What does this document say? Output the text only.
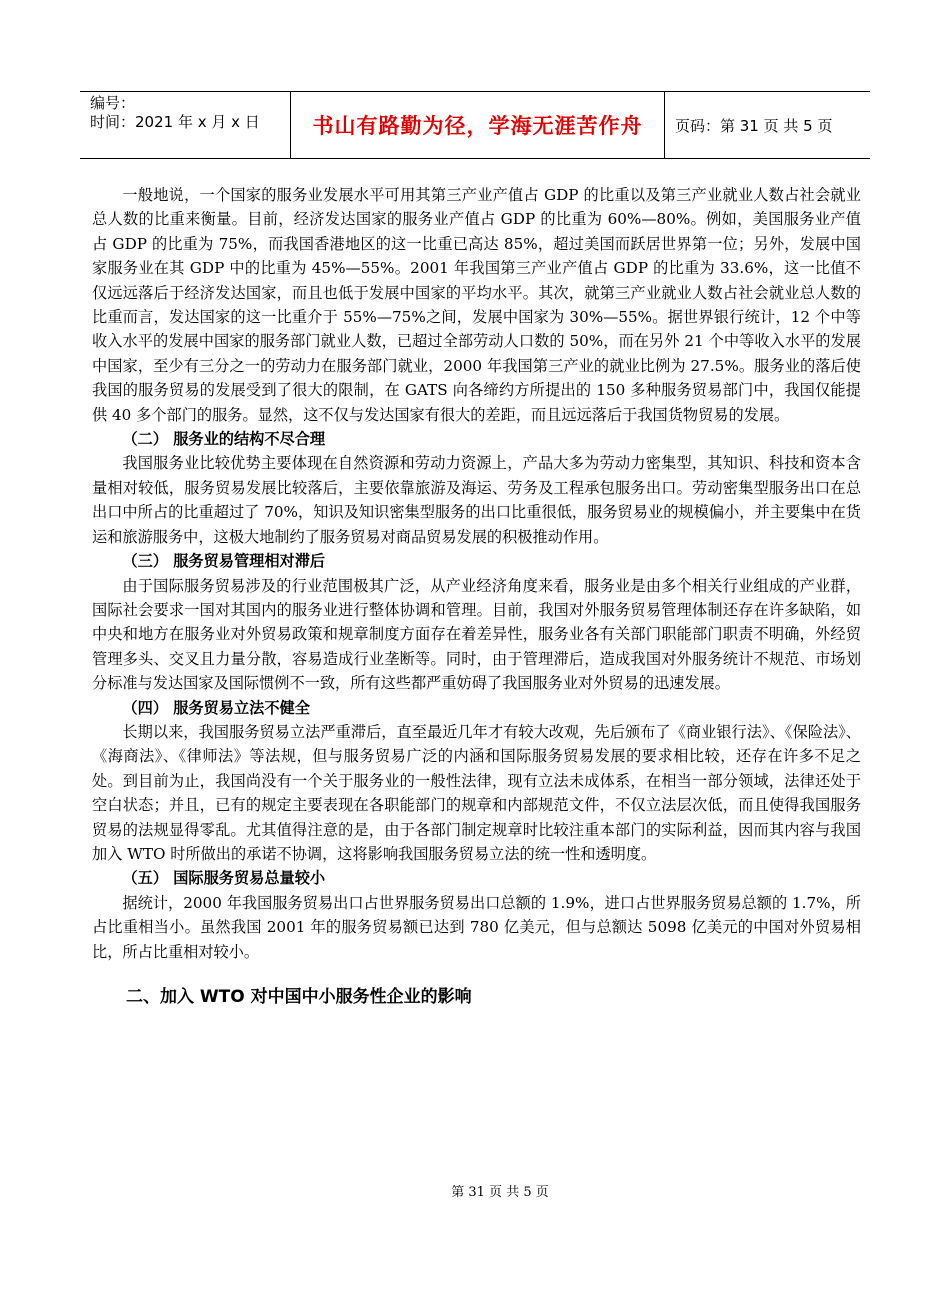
编号：
时间：2021 年 x 月 x 日	书山有路勤为径，学海无涯苦作舟	页码：第 31 页 共 5 页

一般地说，一个国家的服务业发展水平可用其第三产业产值占 GDP 的比重以及第三产业就业人数占社会就业总人数的比重来衡量。目前，经济发达国家的服务业产值占 GDP 的比重为 60%—80%。例如，美国服务业产值占 GDP 的比重为 75%，而我国香港地区的这一比重已高达 85%，超过美国而跃居世界第一位；另外，发展中国家服务业在其 GDP 中的比重为 45%—55%。2001 年我国第三产业产值占 GDP 的比重为 33.6%，这一比值不仅远远落后于经济发达国家，而且也低于发展中国家的平均水平。其次，就第三产业就业人数占社会就业总人数的比重而言，发达国家的这一比重介于 55%—75%之间，发展中国家为 30%—55%。据世界银行统计，12 个中等收入水平的发展中国家的服务部门就业人数，已超过全部劳动人口数的 50%，而在另外 21 个中等收入水平的发展中国家，至少有三分之一的劳动力在服务部门就业，2000 年我国第三产业的就业比例为 27.5%。服务业的落后使我国的服务贸易的发展受到了很大的限制，在 GATS 向各缔约方所提出的 150 多种服务贸易部门中，我国仅能提供 40 多个部门的服务。显然，这不仅与发达国家有很大的差距，而且远远落后于我国货物贸易的发展。

（二） 服务业的结构不尽合理

我国服务业比较优势主要体现在自然资源和劳动力资源上，产品大多为劳动力密集型，其知识、科技和资本含量相对较低，服务贸易发展比较落后，主要依靠旅游及海运、劳务及工程承包服务出口。劳动密集型服务出口在总出口中所占的比重超过了 70%，知识及知识密集型服务的出口比重很低，服务贸易业的规模偏小，并主要集中在货运和旅游服务中，这极大地制约了服务贸易对商品贸易发展的积极推动作用。

（三） 服务贸易管理相对滞后

由于国际服务贸易涉及的行业范围极其广泛，从产业经济角度来看，服务业是由多个相关行业组成的产业群，国际社会要求一国对其国内的服务业进行整体协调和管理。目前，我国对外服务贸易管理体制还存在许多缺陷，如中央和地方在服务业对外贸易政策和规章制度方面存在着差异性，服务业各有关部门职能部门职责不明确，外经贸管理多头、交叉且力量分散，容易造成行业垄断等。同时，由于管理滞后，造成我国对外服务统计不规范、市场划分标准与发达国家及国际惯例不一致，所有这些都严重妨碍了我国服务业对外贸易的迅速发展。

（四） 服务贸易立法不健全

长期以来，我国服务贸易立法严重滞后，直至最近几年才有较大改观，先后颁布了《商业银行法》、《保险法》、《海商法》、《律师法》等法规，但与服务贸易广泛的内涵和国际服务贸易发展的要求相比较，还存在许多不足之处。到目前为止，我国尚没有一个关于服务业的一般性法律，现有立法未成体系，在相当一部分领域，法律还处于空白状态；并且，已有的规定主要表现在各职能部门的规章和内部规范文件，不仅立法层次低，而且使得我国服务贸易的法规显得零乱。尤其值得注意的是，由于各部门制定规章时比较注重本部门的实际利益，因而其内容与我国加入 WTO 时所做出的承诺不协调，这将影响我国服务贸易立法的统一性和透明度。

（五） 国际服务贸易总量较小

据统计，2000 年我国服务贸易出口占世界服务贸易出口总额的 1.9%，进口占世界服务贸易总额的 1.7%，所占比重相当小。虽然我国 2001 年的服务贸易额已达到 780 亿美元，但与总额达 5098 亿美元的中国对外贸易相比，所占比重相对较小。

二、加入 WTO 对中国中小服务性企业的影响
第 31 页 共 5 页
